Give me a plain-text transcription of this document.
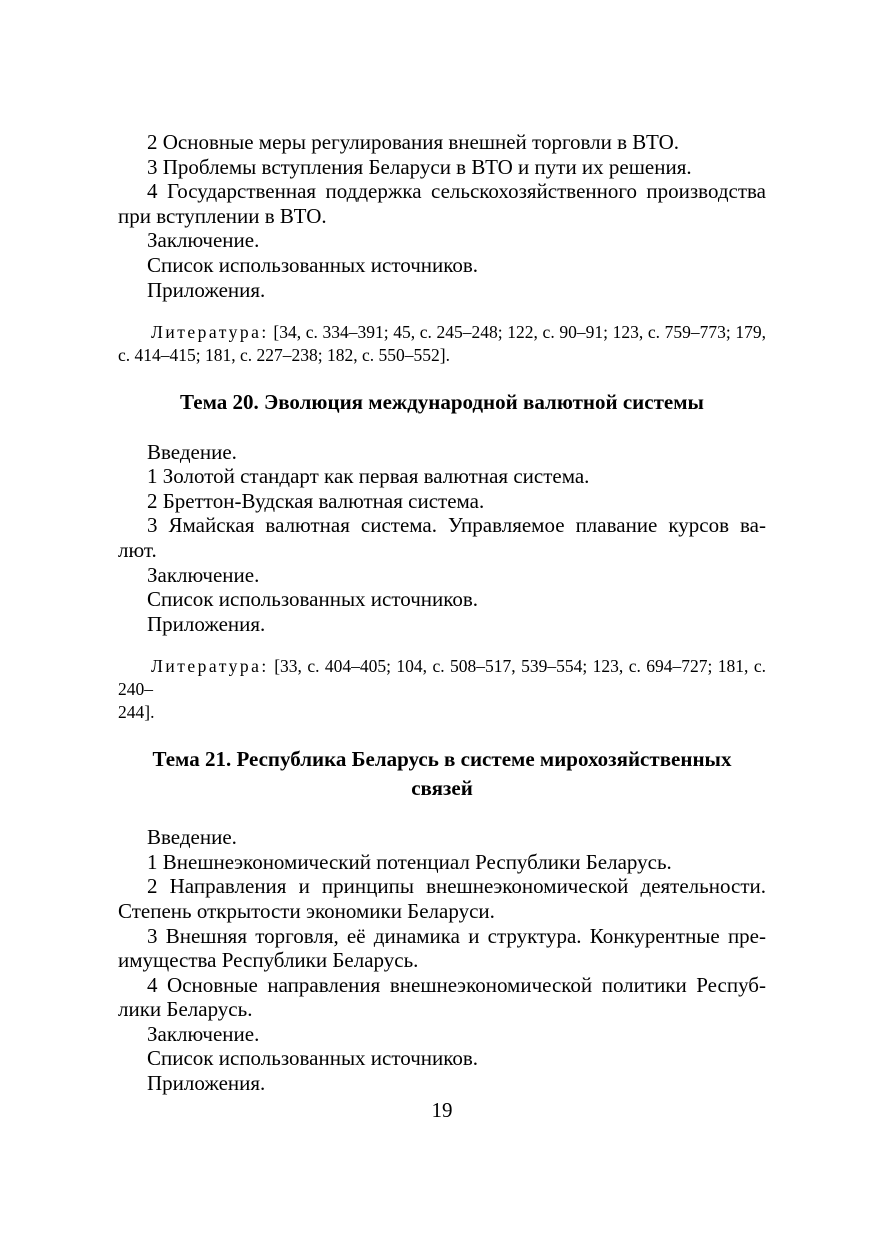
2 Основные меры регулирования внешней торговли в ВТО.
3 Проблемы вступления Беларуси в ВТО и пути их решения.
4 Государственная поддержка сельскохозяйственного производства
при вступлении в ВТО.
Заключение.
Список использованных источников.
Приложения.
Литература: [34, с. 334–391; 45, с. 245–248; 122, с. 90–91; 123, с. 759–773; 179,
с. 414–415; 181, с. 227–238; 182, с. 550–552].
Тема 20. Эволюция международной валютной системы
Введение.
1 Золотой стандарт как первая валютная система.
2 Бреттон-Вудская валютная система.
3 Ямайская валютная система. Управляемое плавание курсов ва-
лют.
Заключение.
Список использованных источников.
Приложения.
Литература: [33, с. 404–405; 104, с. 508–517, 539–554; 123, с. 694–727; 181, с. 240–
244].
Тема 21. Республика Беларусь в системе мирохозяйственных
связей
Введение.
1 Внешнеэкономический потенциал Республики Беларусь.
2 Направления и принципы внешнеэкономической деятельности.
Степень открытости экономики Беларуси.
3 Внешняя торговля, её динамика и структура. Конкурентные пре-
имущества Республики Беларусь.
4 Основные направления внешнеэкономической политики Респуб-
лики Беларусь.
Заключение.
Список использованных источников.
Приложения.
19
